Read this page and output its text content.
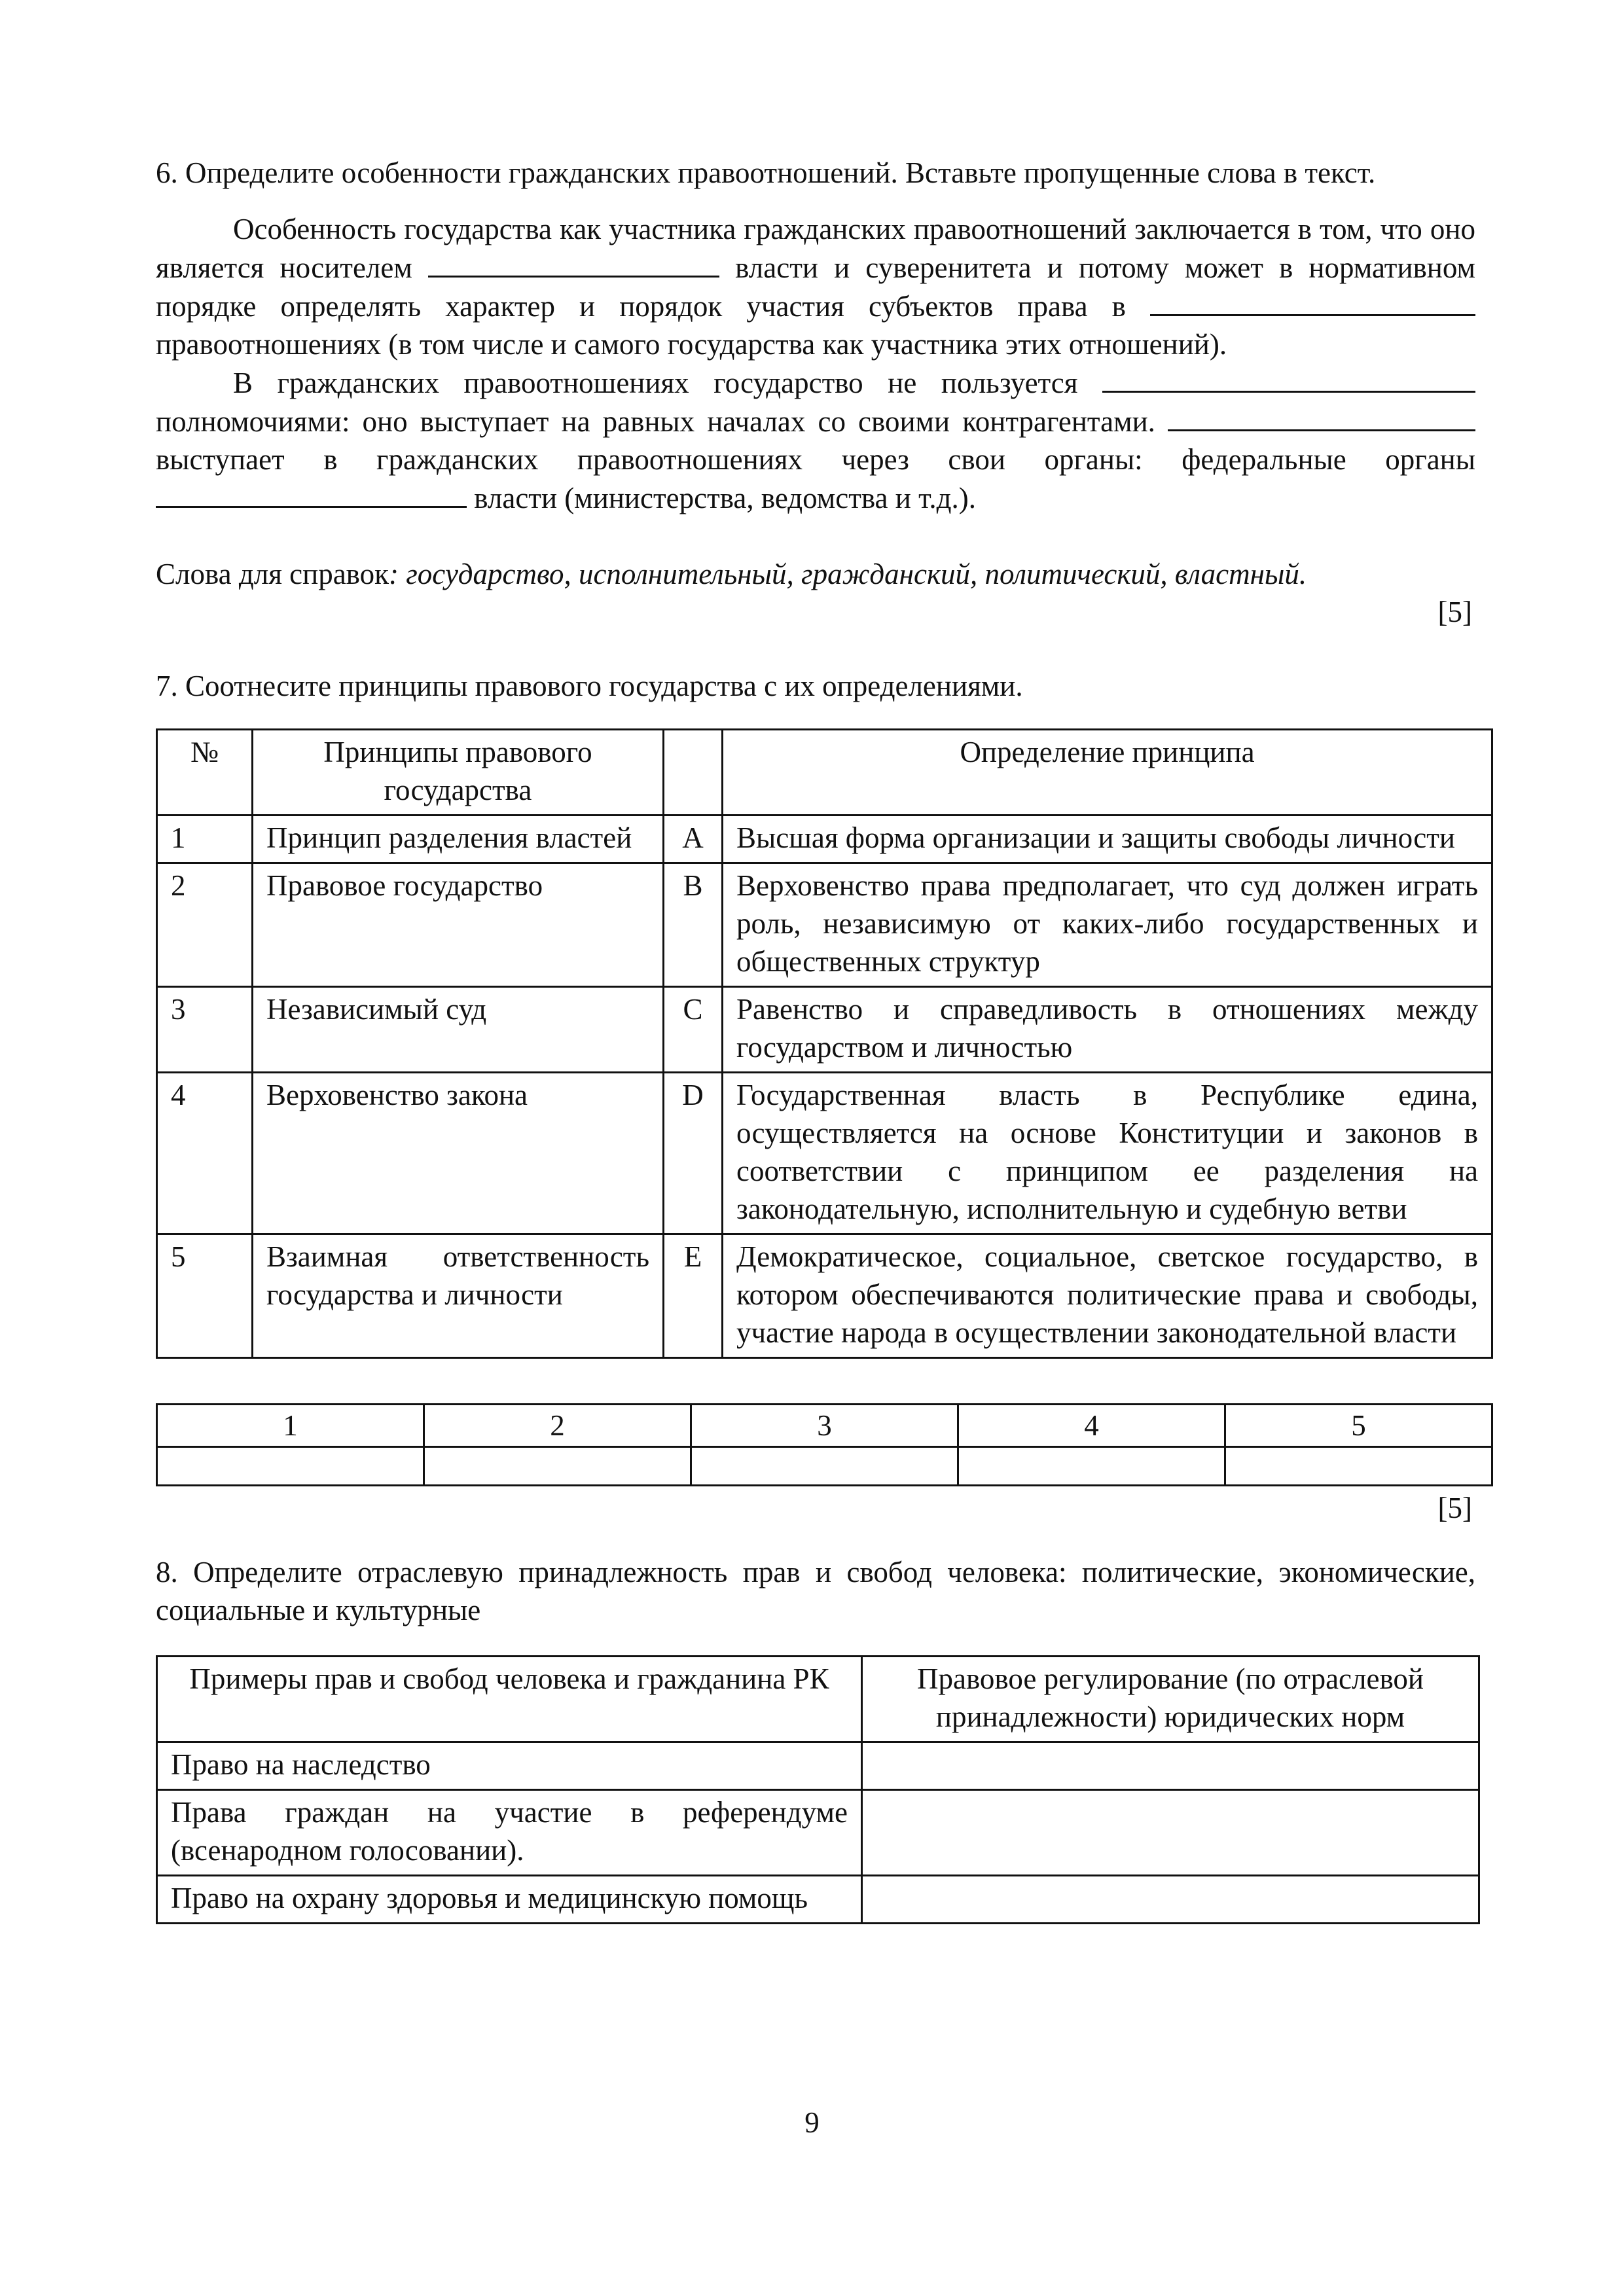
6. Определите особенности гражданских правоотношений. Вставьте пропущенные слова в текст.

Особенность государства как участника гражданских правоотношений заключается в том, что оно является носителем	власти и суверенитета и потому может в нормативном порядке определять характер и порядок участия субъектов права в  правоотношениях (в том числе и самого государства как участника этих отношений).

В гражданских правоотношениях государство не пользуется  полномочиями: оно выступает на равных началах со своими контрагентами.  выступает в гражданских правоотношениях через свои органы: федеральные органы  власти (министерства, ведомства и т.д.).

Слова для справок: государство, исполнительный, гражданский, политический, властный.

[5]

7. Соотнесите принципы правового государства с их определениями.

№	Принципы правового государства		Определение принципа
1	Принцип разделения властей	A	Высшая форма организации и защиты свободы личности
2	Правовое государство	B	Верховенство права предполагает, что суд должен играть роль, независимую от каких-либо государственных и общественных структур
3	Независимый суд	C	Равенство и справедливость в отношениях между государством и личностью
4	Верховенство закона	D	Государственная власть в Республике едина, осуществляется на основе Конституции и законов в соответствии с принципом ее разделения на законодательную, исполнительную и судебную ветви
5	Взаимная ответственность государства и личности	E	Демократическое, социальное, светское государство, в котором обеспечиваются политические права и свободы, участие народа в осуществлении законодательной власти
1	2	3	4	5

[5]

8. Определите отраслевую принадлежность прав и свобод человека: политические, экономические, социальные и культурные

Примеры прав и свобод человека и гражданина РК	Правовое регулирование (по отраслевой принадлежности) юридических норм
Право на наследство	
Права граждан на участие в референдуме (всенародном голосовании).	
Право на охрану здоровья и медицинскую помощь	
9
